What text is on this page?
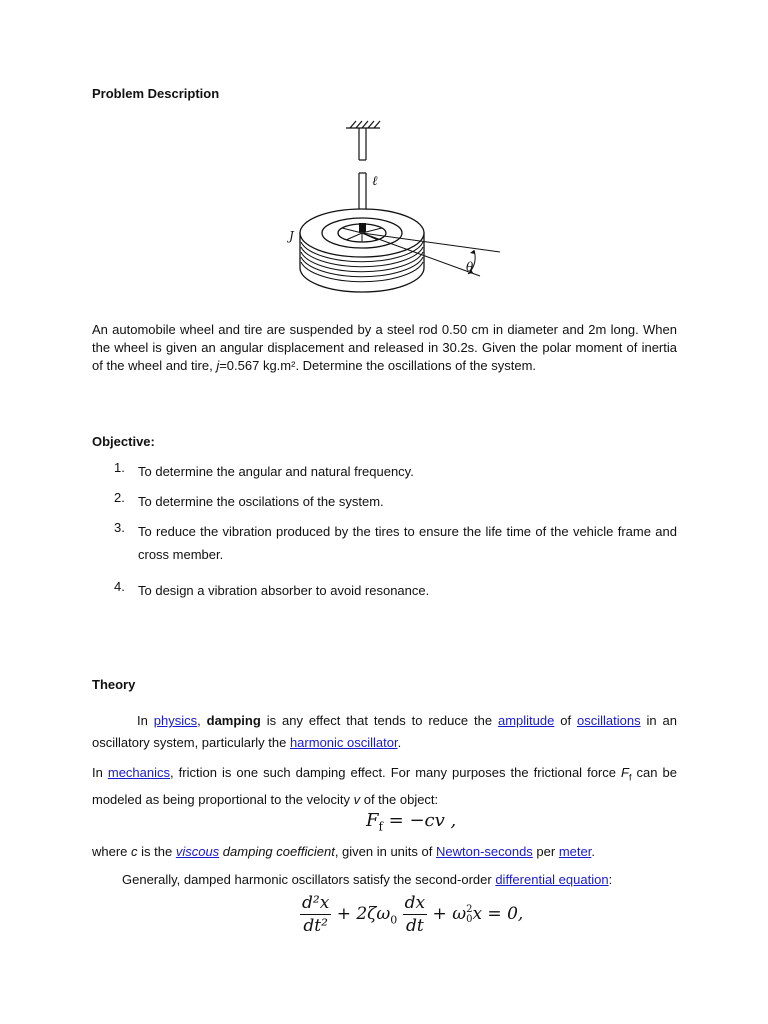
Problem Description
ℓ
J
θ

An automobile wheel and tire are suspended by a steel rod 0.50 cm in diameter and 2m long. When the wheel is given an angular displacement and released in 30.2s. Given the polar moment of inertia of the wheel and tire, j=0.567 kg.m². Determine the oscillations of the system.

Objective:
1.	To determine the angular and natural frequency.
2.	To determine the oscilations of the system.
3.	To reduce the vibration produced by the tires to ensure the life time of the vehicle frame and cross member.
4.	To design a vibration absorber to avoid resonance.
Theory

In physics, damping is any effect that tends to reduce the amplitude of oscillations in an oscillatory system, particularly the harmonic oscillator.

In mechanics, friction is one such damping effect. For many purposes the frictional force $F_f$ can be modeled as being proportional to the velocity v of the object:

$F_f = -cv$ ,

where c is the viscous damping coefficient, given in units of Newton-seconds per meter.

Generally, damped harmonic oscillators satisfy the second-order differential equation:

$\frac{\text{d²x}}{\text{dt²}} + 2\zeta\omega_0 \frac{dx}{dt} + \omega$ 2
0 x = 0,
